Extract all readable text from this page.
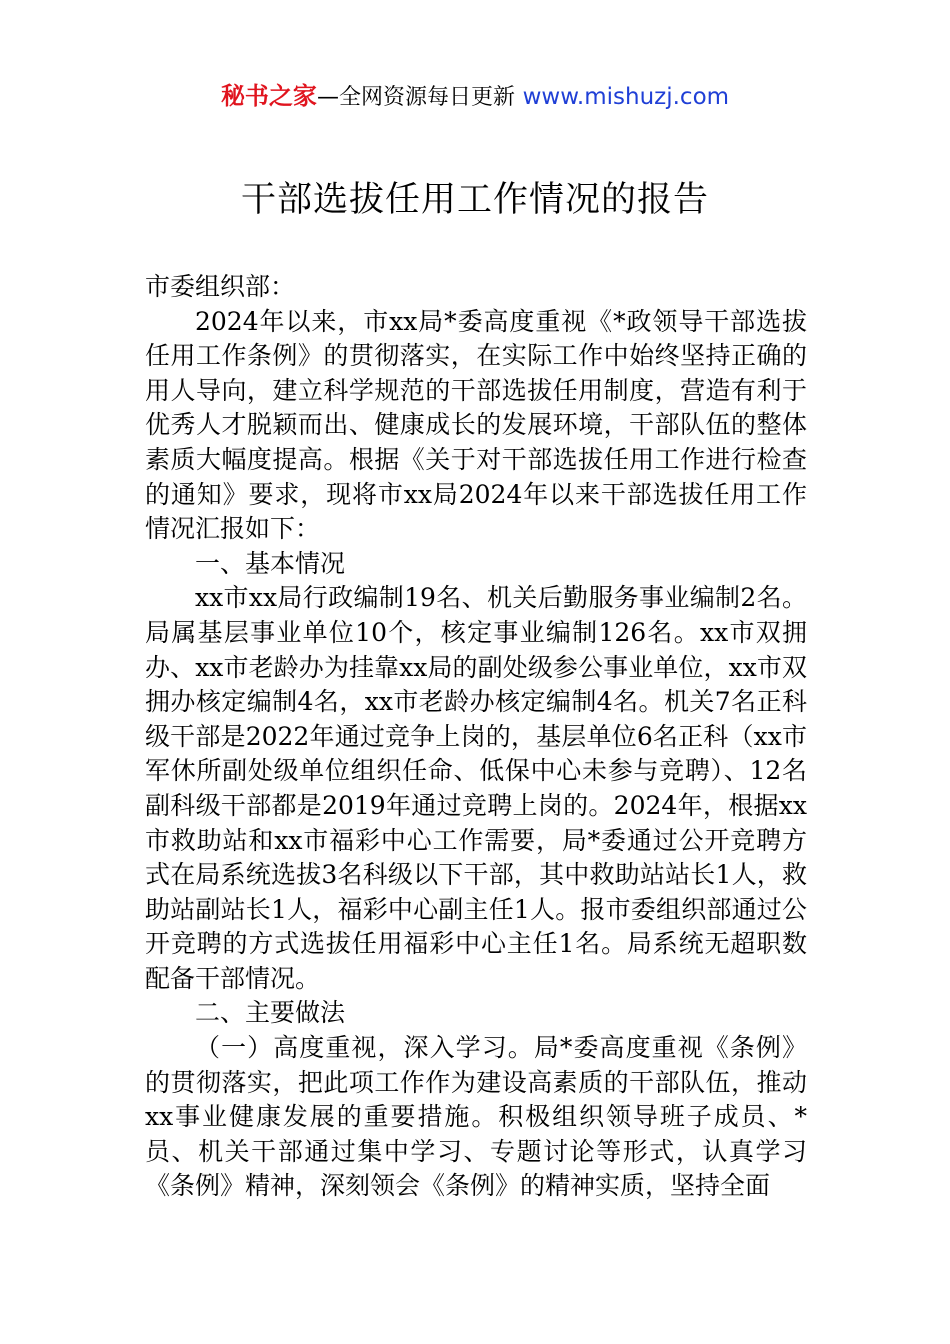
秘书之家—全网资源每日更新 www.mishuzj.com
干部选拔任用工作情况的报告

市委组织部：

2024年以来，市xx局*委高度重视《*政领导干部选拔任用工作条例》的贯彻落实，在实际工作中始终坚持正确的用人导向，建立科学规范的干部选拔任用制度，营造有利于优秀人才脱颖而出、健康成长的发展环境，干部队伍的整体素质大幅度提高。根据《关于对干部选拔任用工作进行检查的通知》要求，现将市xx局2024年以来干部选拔任用工作情况汇报如下：

一、基本情况

xx市xx局行政编制19名、机关后勤服务事业编制2名。局属基层事业单位10个，核定事业编制126名。xx市双拥办、xx市老龄办为挂靠xx局的副处级参公事业单位，xx市双拥办核定编制4名，xx市老龄办核定编制4名。机关7名正科级干部是2022年通过竞争上岗的，基层单位6名正科（xx市军休所副处级单位组织任命、低保中心未参与竞聘）、12名副科级干部都是2019年通过竞聘上岗的。2024年，根据xx市救助站和xx市福彩中心工作需要，局*委通过公开竞聘方式在局系统选拔3名科级以下干部，其中救助站站长1人，救助站副站长1人，福彩中心副主任1人。报市委组织部通过公开竞聘的方式选拔任用福彩中心主任1名。局系统无超职数配备干部情况。

二、主要做法

（一）高度重视，深入学习。局*委高度重视《条例》的贯彻落实，把此项工作作为建设高素质的干部队伍，推动xx事业健康发展的重要措施。积极组织领导班子成员、*员、机关干部通过集中学习、专题讨论等形式，认真学习《条例》精神，深刻领会《条例》的精神实质，坚持全面
